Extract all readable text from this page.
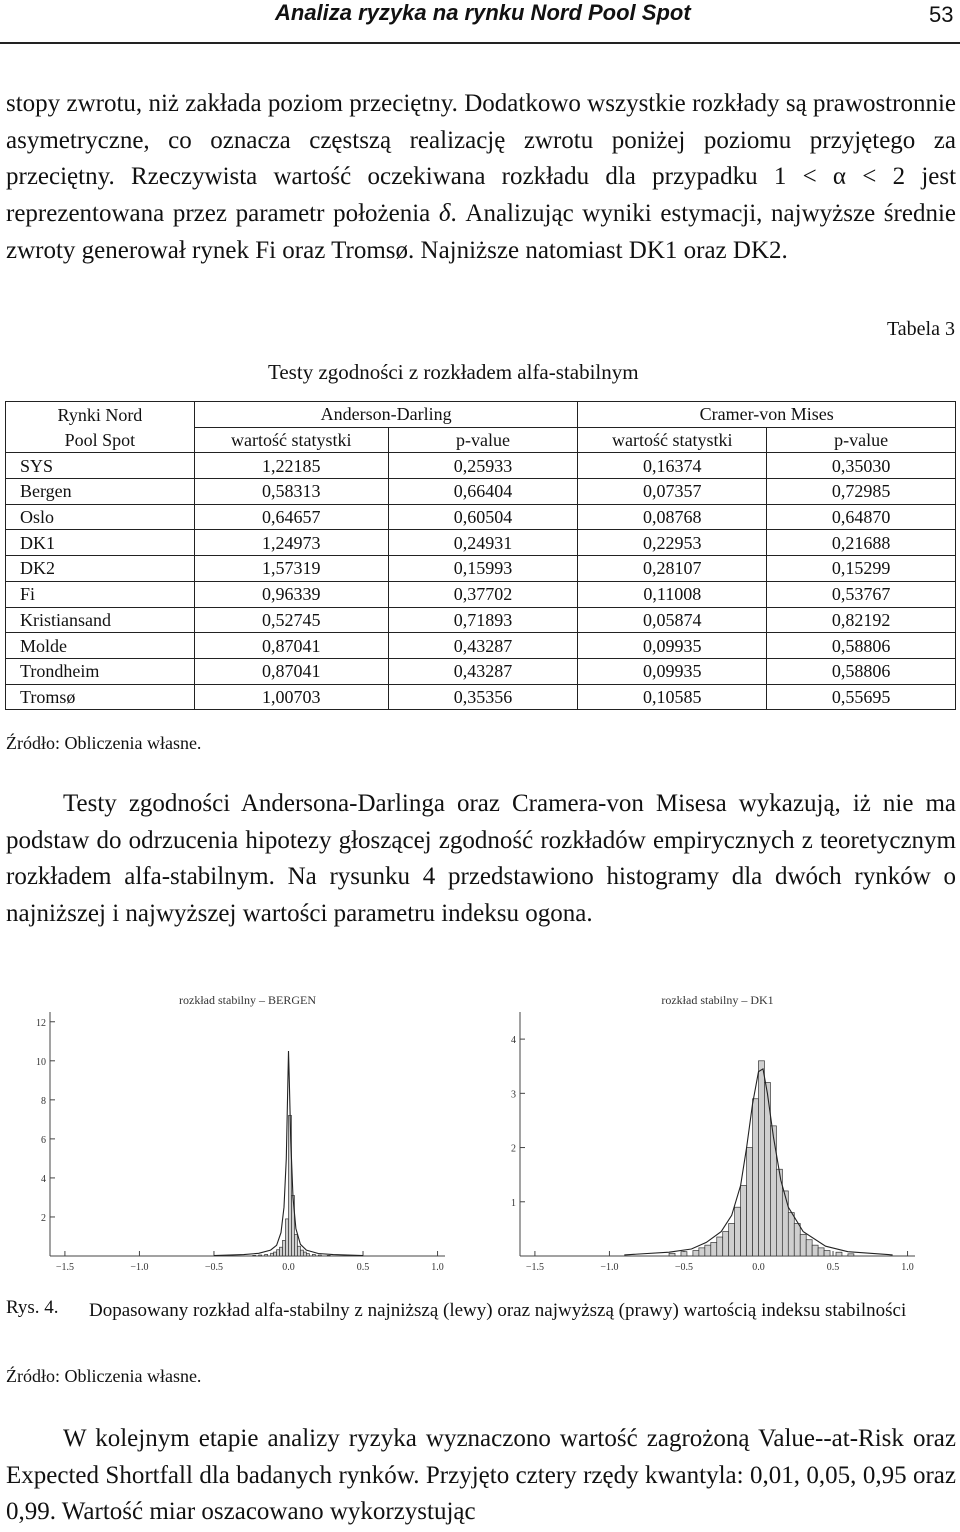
Analiza ryzyka na rynku Nord Pool Spot	53
stopy zwrotu, niż zakłada poziom przeciętny. Dodatkowo wszystkie rozkłady są prawostronnie asymetryczne, co oznacza częstszą realizację zwrotu poniżej poziomu przyjętego za przeciętny. Rzeczywista wartość oczekiwana rozkładu dla przypadku 1 < α < 2 jest reprezentowana przez parametr położenia δ. Analizując wyniki estymacji, najwyższe średnie zwroty generował rynek Fi oraz Tromsø. Najniższe natomiast DK1 oraz DK2.
Tabela 3
Testy zgodności z rozkładem alfa-stabilnym
Rynki Nord	Anderson-Darling		Cramer-von Mises	
Pool Spot	wartość statystki	p-value	wartość statystki	p-value
SYS	1,22185	0,25933	0,16374	0,35030
Bergen	0,58313	0,66404	0,07357	0,72985
Oslo	0,64657	0,60504	0,08768	0,64870
DK1	1,24973	0,24931	0,22953	0,21688
DK2	1,57319	0,15993	0,28107	0,15299
Fi	0,96339	0,37702	0,11008	0,53767
Kristiansand	0,52745	0,71893	0,05874	0,82192
Molde	0,87041	0,43287	0,09935	0,58806
Trondheim	0,87041	0,43287	0,09935	0,58806
Tromsø	1,00703	0,35356	0,10585	0,55695
Źródło: Obliczenia własne.
Testy zgodności Andersona-Darlinga oraz Cramera-von Misesa wykazują, iż nie ma podstaw do odrzucenia hipotezy głoszącej zgodność rozkładów empirycznych z teoretycznym rozkładem alfa-stabilnym. Na rysunku 4 przedstawiono histogramy dla dwóch rynków o najniższej i najwyższej wartości parametru indeksu ogona.
rozkład stabilny – BERGEN
2
4
6
8
10
12
−1.5	−1.0	−0.5	0.0	0.5	1.0
rozkład stabilny – DK1
1
2
3
4
−1.5	−1.0	−0.5	0.0	0.5	1.0
Rys. 4. Dopasowany rozkład alfa-stabilny z najniższą (lewy) oraz najwyższą (prawy) wartością indeksu stabilności
Źródło: Obliczenia własne.
W kolejnym etapie analizy ryzyka wyznaczono wartość zagrożoną Value--at-Risk oraz Expected Shortfall dla badanych rynków. Przyjęto cztery rzędy kwantyla: 0,01, 0,05, 0,95 oraz 0,99. Wartość miar oszacowano wykorzystując
